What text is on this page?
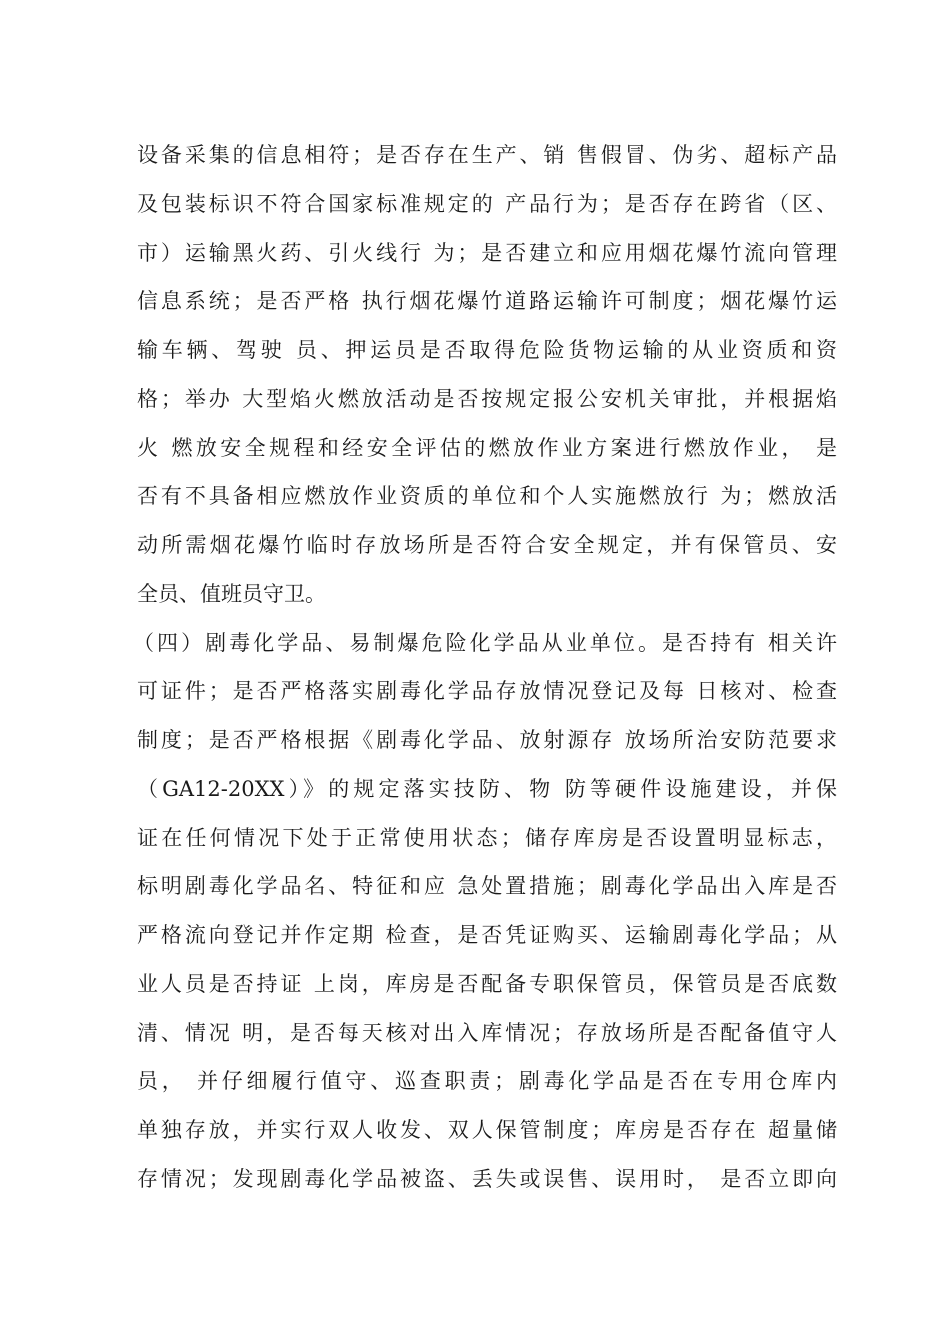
设备采集的信息相符；是否存在生产、销 售假冒、伪劣、超标产品
及包装标识不符合国家标准规定的 产品行为；是否存在跨省（区、
市）运输黑火药、引火线行 为；是否建立和应用烟花爆竹流向管理
信息系统；是否严格 执行烟花爆竹道路运输许可制度；烟花爆竹运
输车辆、驾驶 员、押运员是否取得危险货物运输的从业资质和资
格；举办 大型焰火燃放活动是否按规定报公安机关审批，并根据焰
火 燃放安全规程和经安全评估的燃放作业方案进行燃放作业， 是
否有不具备相应燃放作业资质的单位和个人实施燃放行 为；燃放活
动所需烟花爆竹临时存放场所是否符合安全规定，并有保管员、安
全员、值班员守卫。
（四）剧毒化学品、易制爆危险化学品从业单位。是否持有 相关许
可证件；是否严格落实剧毒化学品存放情况登记及每 日核对、检查
制度；是否严格根据《剧毒化学品、放射源存 放场所治安防范要求
（GA12-20XX）》的规定落实技防、物 防等硬件设施建设，并保
证在任何情况下处于正常使用状态；储存库房是否设置明显标志，
标明剧毒化学品名、特征和应 急处置措施；剧毒化学品出入库是否
严格流向登记并作定期 检查，是否凭证购买、运输剧毒化学品；从
业人员是否持证 上岗，库房是否配备专职保管员，保管员是否底数
清、情况 明，是否每天核对出入库情况；存放场所是否配备值守人
员， 并仔细履行值守、巡查职责；剧毒化学品是否在专用仓库内
单独存放，并实行双人收发、双人保管制度；库房是否存在 超量储
存情况；发现剧毒化学品被盗、丢失或误售、误用时， 是否立即向
